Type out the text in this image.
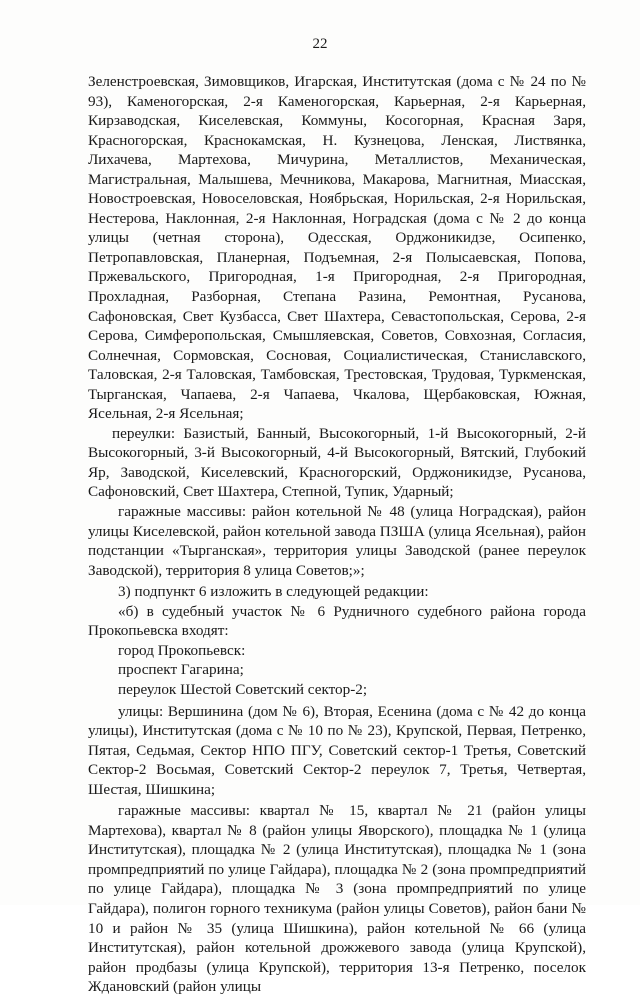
22

Зеленстроевская, Зимовщиков, Игарская, Институтская (дома с № 24 по № 93), Каменогорская, 2-я Каменогорская, Карьерная, 2-я Карьерная, Кирзаводская, Киселевская, Коммуны, Косогорная, Красная Заря, Красногорская, Краснокамская, Н. Кузнецова, Ленская, Листвянка, Лихачева, Мартехова, Мичурина, Металлистов, Механическая, Магистральная, Малышева, Мечникова, Макарова, Магнитная, Миасская, Новостроевская, Новоселовская, Ноябрьская, Норильская, 2-я Норильская, Нестерова, Наклонная, 2-я Наклонная, Ноградская (дома с № 2 до конца улицы (четная сторона), Одесская, Орджоникидзе, Осипенко, Петропавловская, Планерная, Подъемная, 2-я Полысаевская, Попова, Пржевальского, Пригородная, 1-я Пригородная, 2-я Пригородная, Прохладная, Разборная, Степана Разина, Ремонтная, Русанова, Сафоновская, Свет Кузбасса, Свет Шахтера, Севастопольская, Серова, 2-я Серова, Симферопольская, Смышляевская, Советов, Совхозная, Согласия, Солнечная, Сормовская, Сосновая, Социалистическая, Станиславского, Таловская, 2-я Таловская, Тамбовская, Трестовская, Трудовая, Туркменская, Тырганская, Чапаева, 2-я Чапаева, Чкалова, Щербаковская, Южная, Ясельная, 2-я Ясельная;

переулки: Базистый, Банный, Высокогорный, 1-й Высокогорный, 2-й Высокогорный, 3-й Высокогорный, 4-й Высокогорный, Вятский, Глубокий Яр, Заводской, Киселевский, Красногорский, Орджоникидзе, Русанова, Сафоновский, Свет Шахтера, Степной, Тупик, Ударный;

гаражные массивы: район котельной № 48 (улица Ноградская), район улицы Киселевской, район котельной завода ПЗША (улица Ясельная), район подстанции «Тырганская», территория улицы Заводской (ранее переулок Заводской), территория 8 улица Советов;»;

3) подпункт 6 изложить в следующей редакции:

«б) в судебный участок № 6 Рудничного судебного района города Прокопьевска входят:

город Прокопьевск:

проспект Гагарина;

переулок Шестой Советский сектор-2;

улицы: Вершинина (дом № 6), Вторая, Есенина (дома с № 42 до конца улицы), Институтская (дома с № 10 по № 23), Крупской, Первая, Петренко, Пятая, Седьмая, Сектор НПО ПГУ, Советский сектор-1 Третья, Советский Сектор-2 Восьмая, Советский Сектор-2 переулок 7, Третья, Четвертая, Шестая, Шишкина;

гаражные массивы: квартал № 15, квартал № 21 (район улицы Мартехова), квартал № 8 (район улицы Яворского), площадка № 1 (улица Институтская), площадка № 2 (улица Институтская), площадка № 1 (зона промпредприятий по улице Гайдара), площадка № 2 (зона промпредприятий по улице Гайдара), площадка № 3 (зона промпредприятий по улице Гайдара), полигон горного техникума (район улицы Советов), район бани № 10 и район № 35 (улица Шишкина), район котельной № 66 (улица Институтская), район котельной дрожжевого завода (улица Крупской), район продбазы (улица Крупской), территория 13-я Петренко, поселок Ждановский (район улицы
